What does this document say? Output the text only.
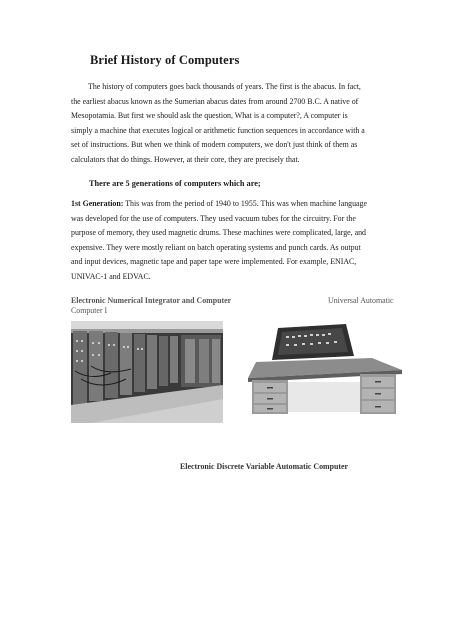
Brief History of Computers

The history of computers goes back thousands of years. The first is the abacus. In fact,
the earliest abacus known as the Sumerian abacus dates from around 2700 B.C. A native of
Mesopotamia. But first we should ask the question, What is a computer?, A computer is
simply a machine that executes logical or arithmetic function sequences in accordance with a
set of instructions. But when we think of modern computers, we don't just think of them as
calculators that do things. However, at their core, they are precisely that.

There are 5 generations of computers which are;

1st Generation: This was from the period of 1940 to 1955. This was when machine language
was developed for the use of computers. They used vacuum tubes for the circuitry. For the
purpose of memory, they used magnetic drums. These machines were complicated, large, and
expensive. They were mostly reliant on batch operating systems and punch cards. As output
and input devices, magnetic tape and paper tape were implemented. For example, ENIAC,
UNIVAC-1 and EDVAC.

Electronic Numerical Integrator and Computer
Computer I
Universal Automatic
Electronic Discrete Variable Automatic Computer
